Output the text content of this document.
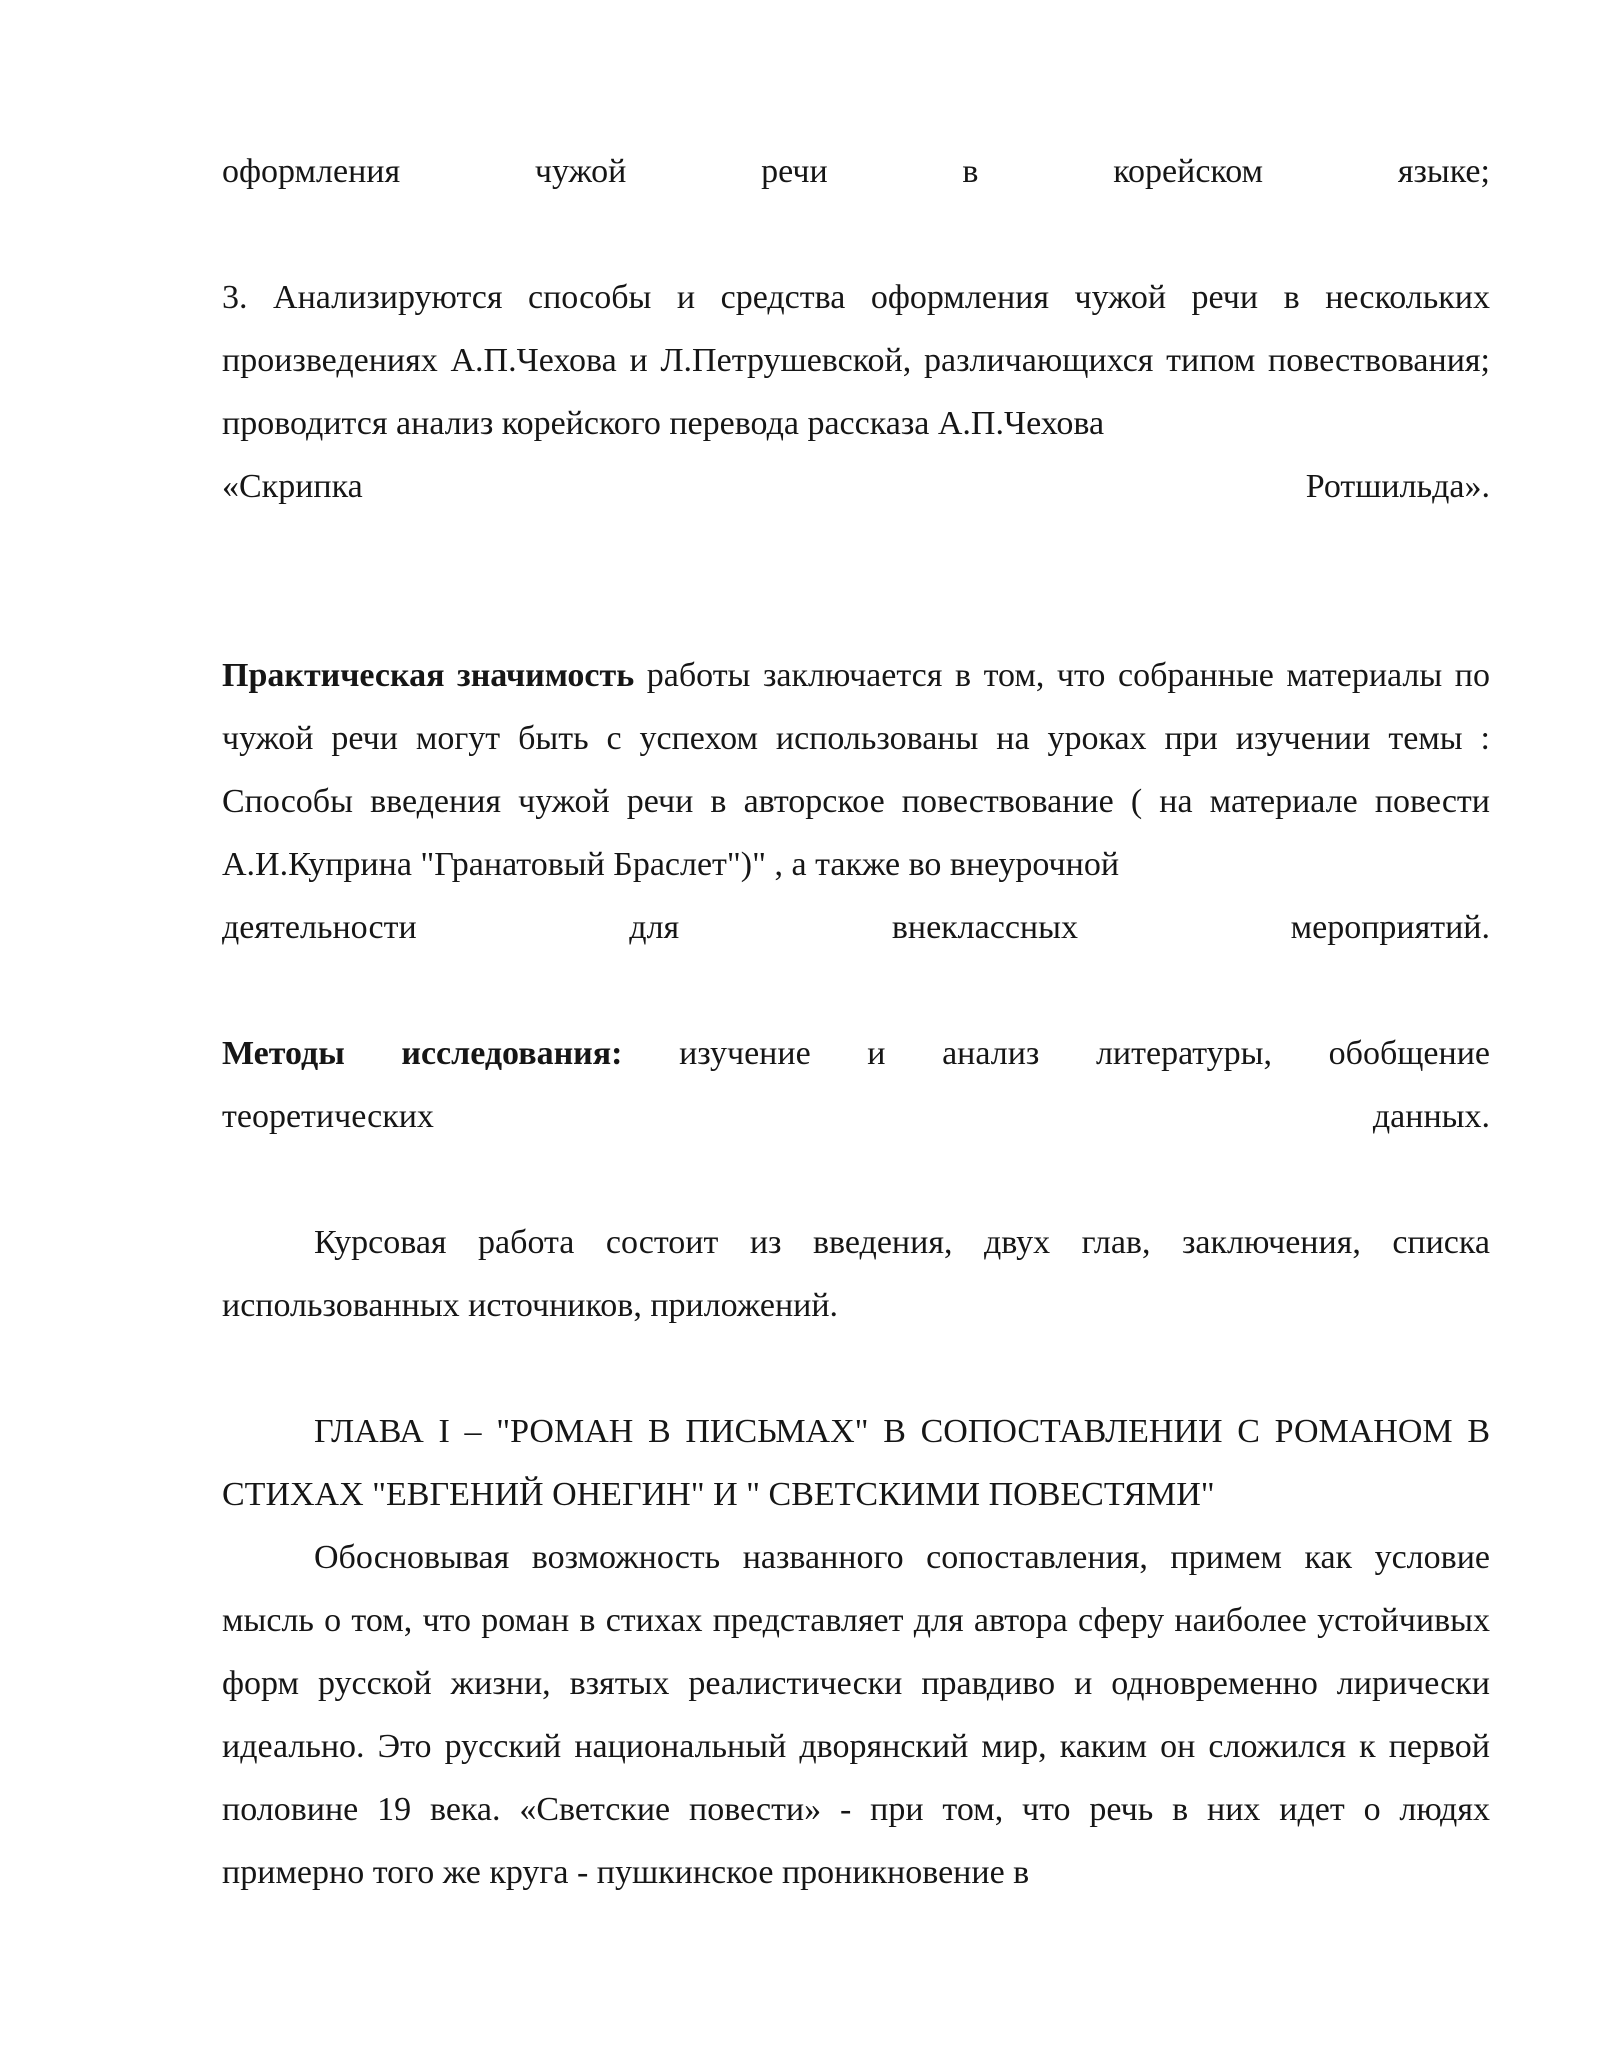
оформления	чужой	речи	в	корейском	языке;

3. Анализируются способы и средства оформления чужой речи в нескольких произведениях А.П.Чехова и Л.Петрушевской, различающихся типом повествования; проводится анализ корейского перевода рассказа А.П.Чехова

«Скрипка	Ротшильда».

Практическая значимость работы заключается в том, что собранные материалы по чужой речи могут быть с успехом использованы на уроках при изучении темы : Способы введения чужой речи в авторское повествование ( на материале повести А.И.Куприна "Гранатовый Браслет")" , а также во внеурочной

деятельности	для	внеклассных	мероприятий.

Методы исследования: изучение и анализ литературы, обобщение

теоретических	данных.

Курсовая работа состоит из введения, двух глав, заключения, списка использованных источников, приложений.

ГЛАВА I – "РОМАН В ПИСЬМАХ" В СОПОСТАВЛЕНИИ С РОМАНОМ В СТИХАХ "ЕВГЕНИЙ ОНЕГИН" И " СВЕТСКИМИ ПОВЕСТЯМИ"

Обосновывая возможность названного сопоставления, примем как условие мысль о том, что роман в стихах представляет для автора сферу наиболее устойчивых форм русской жизни, взятых реалистически правдиво и одновременно лирически идеально. Это русский национальный дворянский мир, каким он сложился к первой половине 19 века. «Светские повести» - при том, что речь в них идет о людях примерно того же круга - пушкинское проникновение в
